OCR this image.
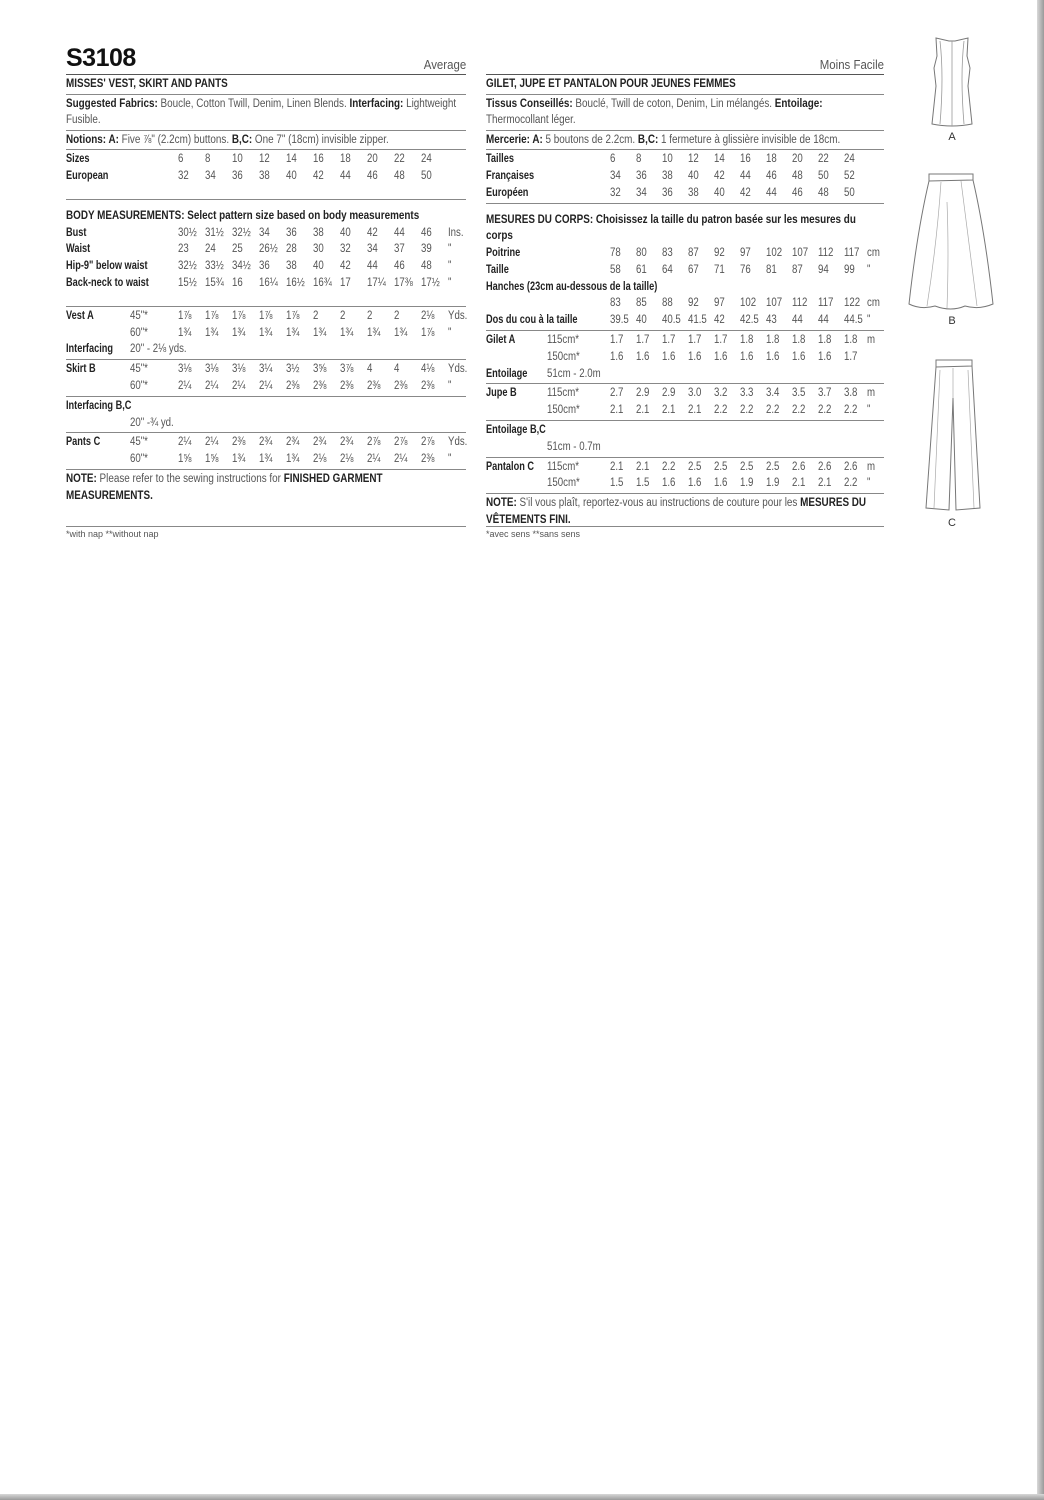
S3108	Average
MISSES' VEST, SKIRT AND PANTS
Suggested Fabrics: Boucle, Cotton Twill, Denim, Linen Blends. Interfacing: Lightweight Fusible.
Notions: A: Five ⅞" (2.2cm) buttons. B,C: One 7" (18cm) invisible zipper.
Sizes	6 8 10 12 14 16 18 20 22 24
European	32 34 36 38 40 42 44 46 48 50
BODY MEASUREMENTS: Select pattern size based on body measurements
Bust	30½ 31½ 32½ 34 36 38 40 42 44 46 Ins.
Waist	23 24 25 26½ 28 30 32 34 37 39 "
Hip-9" below waist	32½ 33½ 34½ 36 38 40 42 44 46 48 "
Back-neck to waist	15½ 15¾ 16 16¼ 16½ 16¾ 17 17¼ 17⅜ 17½ "
Vest A	45"*	1⅞ 1⅞ 1⅞ 1⅞ 1⅞ 2 2 2 2 2⅛ Yds.
60"*	1¾ 1¾ 1¾ 1¾ 1¾ 1¾ 1¾ 1¾ 1¾ 1⅞ "
Interfacing 20" - 2⅛ yds.
Skirt B	45"*	3⅛ 3⅛ 3⅛ 3¼ 3½ 3⅝ 3⅞ 4 4 4⅛ Yds.
60"*	2¼ 2¼ 2¼ 2¼ 2⅜ 2⅜ 2⅜ 2⅜ 2⅜ 2⅜ "
Interfacing B,C
20" -¾ yd.
Pants C	45"*	2¼ 2¼ 2⅜ 2¾ 2¾ 2¾ 2¾ 2⅞ 2⅞ 2⅞ Yds.
60"*	1⅝ 1⅝ 1¾ 1¾ 1¾ 2⅛ 2⅛ 2¼ 2¼ 2⅜ "
NOTE: Please refer to the sewing instructions for FINISHED GARMENT MEASUREMENTS.
*with nap **without nap
Moins Facile
GILET, JUPE ET PANTALON POUR JEUNES FEMMES
Tissus Conseillés: Bouclé, Twill de coton, Denim, Lin mélangés. Entoilage: Thermocollant léger.
Mercerie: A: 5 boutons de 2.2cm. B,C: 1 fermeture à glissière invisible de 18cm.
Tailles	6 8 10 12 14 16 18 20 22 24
Françaises	34 36 38 40 42 44 46 48 50 52
Européen	32 34 36 38 40 42 44 46 48 50
MESURES DU CORPS: Choisissez la taille du patron basée sur les mesures du corps
Poitrine	78 80 83 87 92 97 102 107 112 117 cm
Taille	58 61 64 67 71 76 81 87 94 99 "
Hanches (23cm au-dessous de la taille)
83 85 88 92 97 102 107 112 117 122 cm
Dos du cou à la taille	39.5 40 40.5 41.5 42 42.5 43 44 44 44.5 "
Gilet A	115cm*	1.7 1.7 1.7 1.7 1.7 1.8 1.8 1.8 1.8 1.8 m
150cm*	1.6 1.6 1.6 1.6 1.6 1.6 1.6 1.6 1.6 1.7
Entoilage 51cm - 2.0m
Jupe B	115cm*	2.7 2.9 2.9 3.0 3.2 3.3 3.4 3.5 3.7 3.8 m
150cm*	2.1 2.1 2.1 2.1 2.2 2.2 2.2 2.2 2.2 2.2 "
Entoilage B,C
51cm - 0.7m
Pantalon C 115cm*	2.1 2.1 2.2 2.5 2.5 2.5 2.5 2.6 2.6 2.6 m
150cm*	1.5 1.5 1.6 1.6 1.6 1.9 1.9 2.1 2.1 2.2 "
NOTE: S'il vous plaît, reportez-vous au instructions de couture pour les MESURES DU VÊTEMENTS FINI.
*avec sens **sans sens
A
B
C
